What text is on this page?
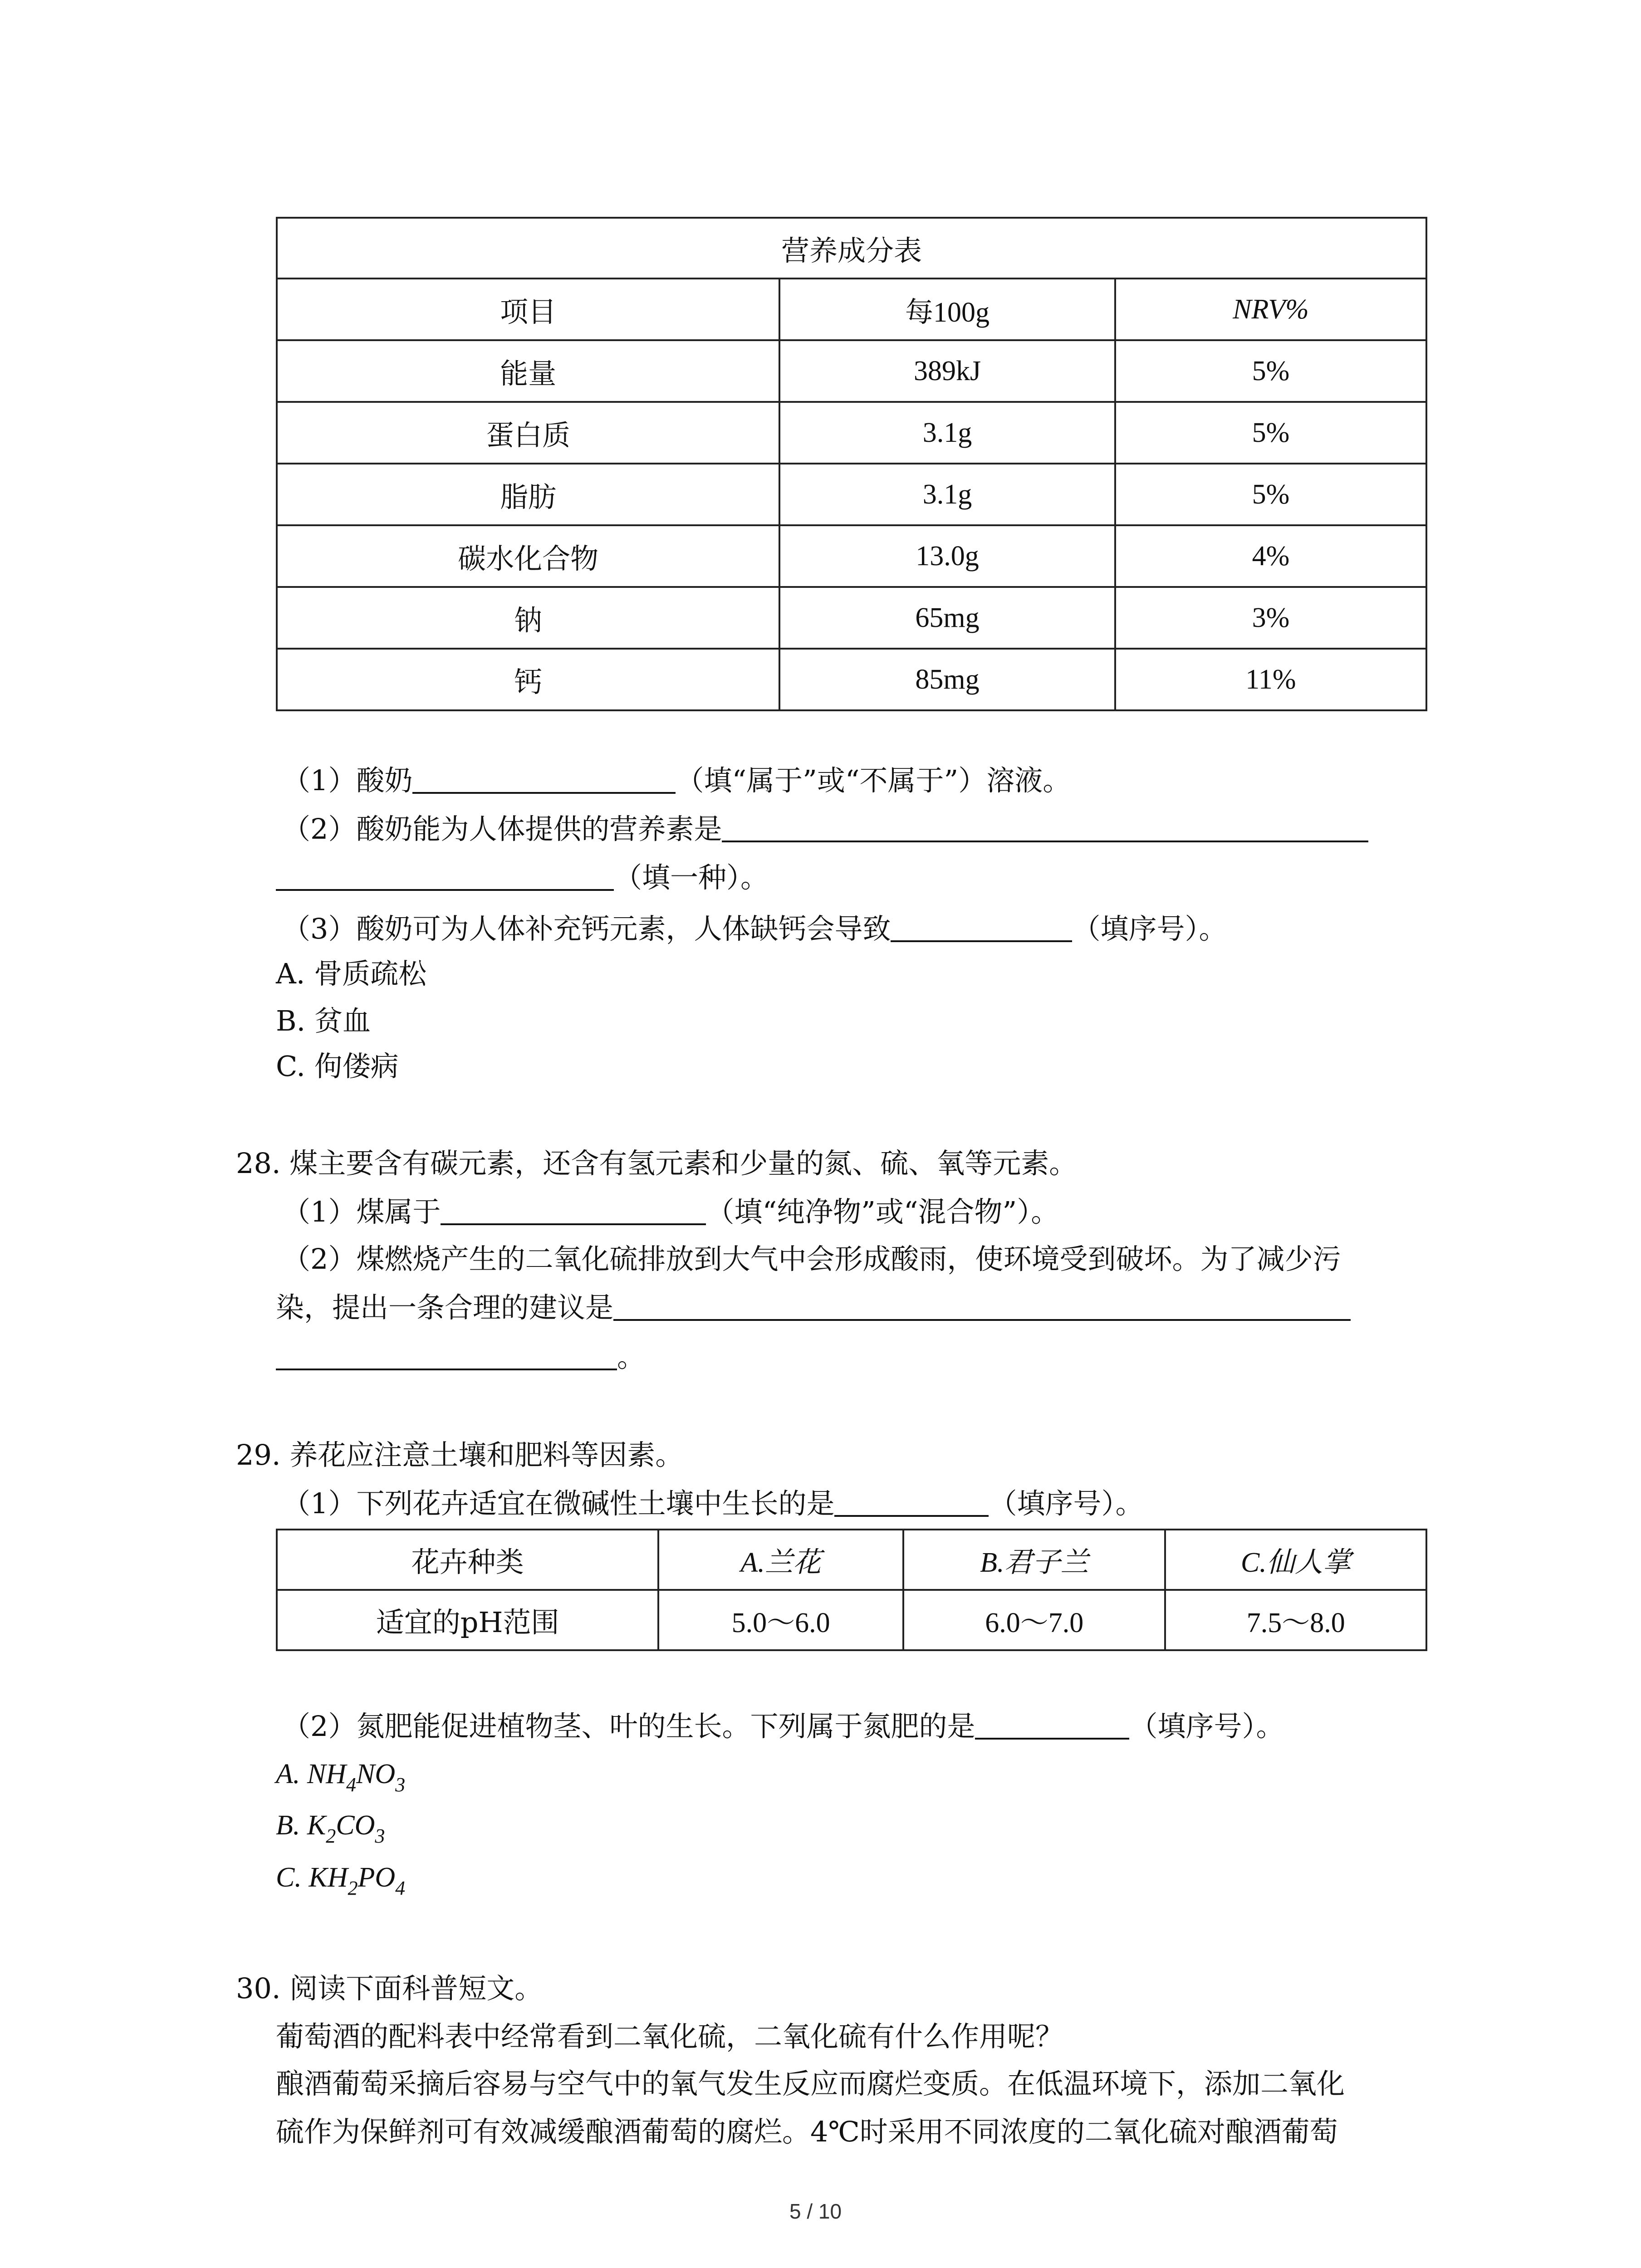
营养成分表		
项目	每100g	NRV%
能量	389kJ	5%
蛋白质	3.1g	5%
脂肪	3.1g	5%
碳水化合物	13.0g	4%
钠	65mg	3%
钙	85mg	11%
（1）酸奶	（填“属于”或“不属于”）溶液。
（2）酸奶能为人体提供的营养素是
（填一种）。
（3）酸奶可为人体补充钙元素，人体缺钙会导致	（填序号）。
A. 骨质疏松
B. 贫血
C. 佝偻病
28. 煤主要含有碳元素，还含有氢元素和少量的氮、硫、氧等元素。
（1）煤属于	（填“纯净物”或“混合物”）。
（2）煤燃烧产生的二氧化硫排放到大气中会形成酸雨，使环境受到破坏。为了减少污
染，提出一条合理的建议是
。
29. 养花应注意土壤和肥料等因素。
（1）下列花卉适宜在微碱性土壤中生长的是	（填序号）。
花卉种类	A.兰花	B.君子兰	C.仙人掌
适宜的pH范围	5.0～6.0	6.0～7.0	7.5～8.0
（2）氮肥能促进植物茎、叶的生长。下列属于氮肥的是	（填序号）。
A. $NH_4NO_3$
B. $K_2CO_3$
C. $KH_2PO_4$
30. 阅读下面科普短文。
葡萄酒的配料表中经常看到二氧化硫，二氧化硫有什么作用呢？
酿酒葡萄采摘后容易与空气中的氧气发生反应而腐烂变质。在低温环境下，添加二氧化
硫作为保鲜剂可有效减缓酿酒葡萄的腐烂。4℃时采用不同浓度的二氧化硫对酿酒葡萄
5 / 10
